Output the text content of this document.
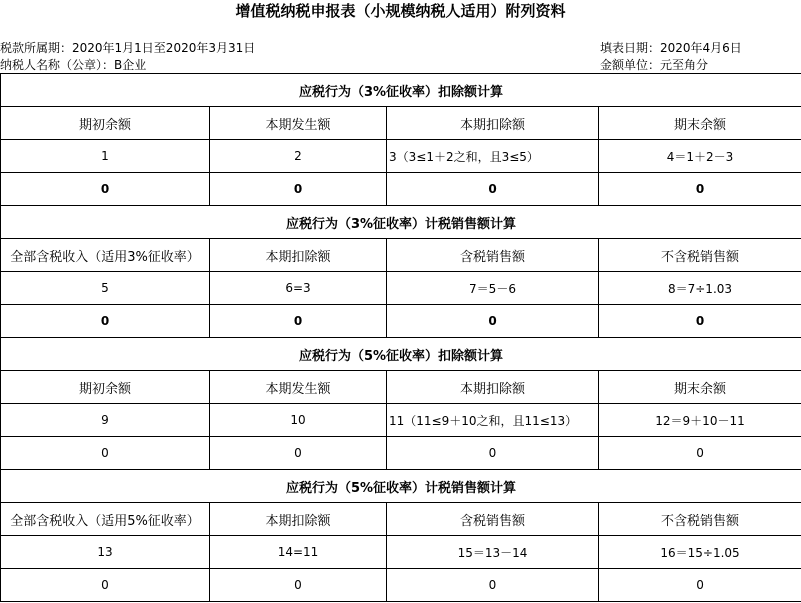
增值税纳税申报表（小规模纳税人适用）附列资料
税款所属期：2020年1月1日至2020年3月31日	填表日期：2020年4月6日
纳税人名称（公章）：B企业	金额单位：元至角分
应税行为（3%征收率）扣除额计算			
期初余额	本期发生额	本期扣除额	期末余额
1	2	3（3≤1＋2之和，且3≤5）	4＝1＋2－3
0	0	0	0
应税行为（3%征收率）计税销售额计算			
全部含税收入（适用3%征收率）	本期扣除额	含税销售额	不含税销售额
5	6=3	7＝5－6	8＝7÷1.03
0	0	0	0
应税行为（5%征收率）扣除额计算			
期初余额	本期发生额	本期扣除额	期末余额
9	10	11（11≤9＋10之和，且11≤13）	12＝9＋10－11
0	0	0	0
应税行为（5%征收率）计税销售额计算			
全部含税收入（适用5%征收率）	本期扣除额	含税销售额	不含税销售额
13	14=11	15＝13－14	16＝15÷1.05
0	0	0	0
